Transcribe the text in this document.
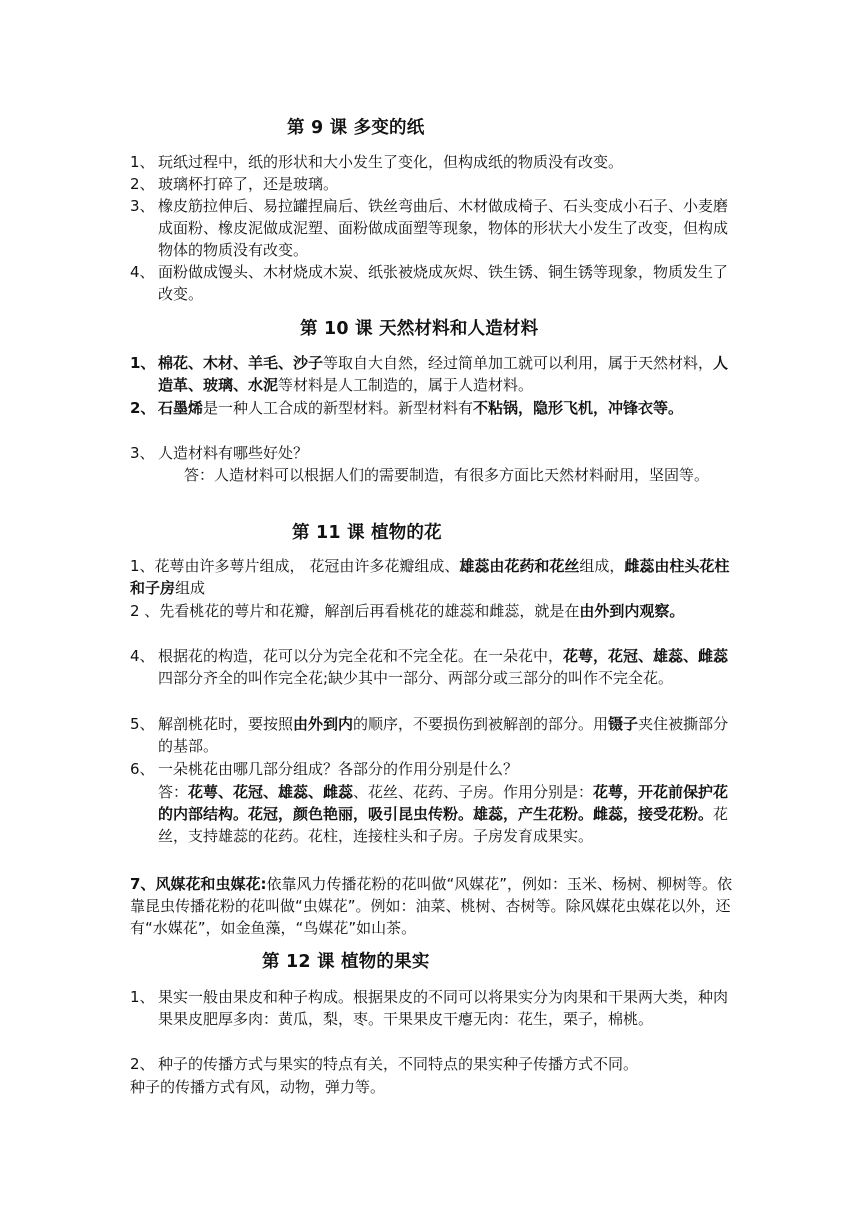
第 9 课 多变的纸
1、 玩纸过程中，纸的形状和大小发生了变化，但构成纸的物质没有改变。
2、 玻璃杯打碎了，还是玻璃。
3、 橡皮筋拉伸后、易拉罐捏扁后、铁丝弯曲后、木材做成椅子、石头变成小石子、小麦磨成面粉、橡皮泥做成泥塑、面粉做成面塑等现象，物体的形状大小发生了改变，但构成物体的物质没有改变。
4、 面粉做成馒头、木材烧成木炭、纸张被烧成灰烬、铁生锈、铜生锈等现象，物质发生了改变。
第 10 课 天然材料和人造材料
1、 棉花、木材、羊毛、沙子等取自大自然，经过简单加工就可以利用，属于天然材料，人造革、玻璃、水泥等材料是人工制造的，属于人造材料。
2、 石墨烯是一种人工合成的新型材料。新型材料有不粘锅，隐形飞机，冲锋衣等。
3、 人造材料有哪些好处？
答：人造材料可以根据人们的需要制造，有很多方面比天然材料耐用，坚固等。
第 11 课 植物的花
1、花萼由许多萼片组成， 花冠由许多花瓣组成、雄蕊由花药和花丝组成，雌蕊由柱头花柱和子房组成
2 、先看桃花的萼片和花瓣，解剖后再看桃花的雄蕊和雌蕊，就是在由外到内观察。
4、 根据花的构造，花可以分为完全花和不完全花。在一朵花中，花萼，花冠、雄蕊、雌蕊四部分齐全的叫作完全花;缺少其中一部分、两部分或三部分的叫作不完全花。
5、 解剖桃花时，要按照由外到内的顺序，不要损伤到被解剖的部分。用镊子夹住被撕部分的基部。
6、 一朵桃花由哪几部分组成？各部分的作用分别是什么？
答：花萼、花冠、雄蕊、雌蕊、花丝、花药、子房。作用分别是：花萼，开花前保护花的内部结构。花冠，颜色艳丽，吸引昆虫传粉。雄蕊，产生花粉。雌蕊，接受花粉。花丝，支持雄蕊的花药。花柱，连接柱头和子房。子房发育成果实。
7、风媒花和虫媒花:依靠风力传播花粉的花叫做“风媒花”，例如：玉米、杨树、柳树等。依靠昆虫传播花粉的花叫做“虫媒花”。例如：油菜、桃树、杏树等。除风媒花虫媒花以外，还有“水媒花”，如金鱼藻，“鸟媒花”如山茶。
第 12 课 植物的果实
1、 果实一般由果皮和种子构成。根据果皮的不同可以将果实分为肉果和干果两大类，种肉果果皮肥厚多肉：黄瓜，梨，枣。干果果皮干瘪无肉：花生，栗子，棉桃。
2、 种子的传播方式与果实的特点有关，不同特点的果实种子传播方式不同。
种子的传播方式有风，动物，弹力等。
